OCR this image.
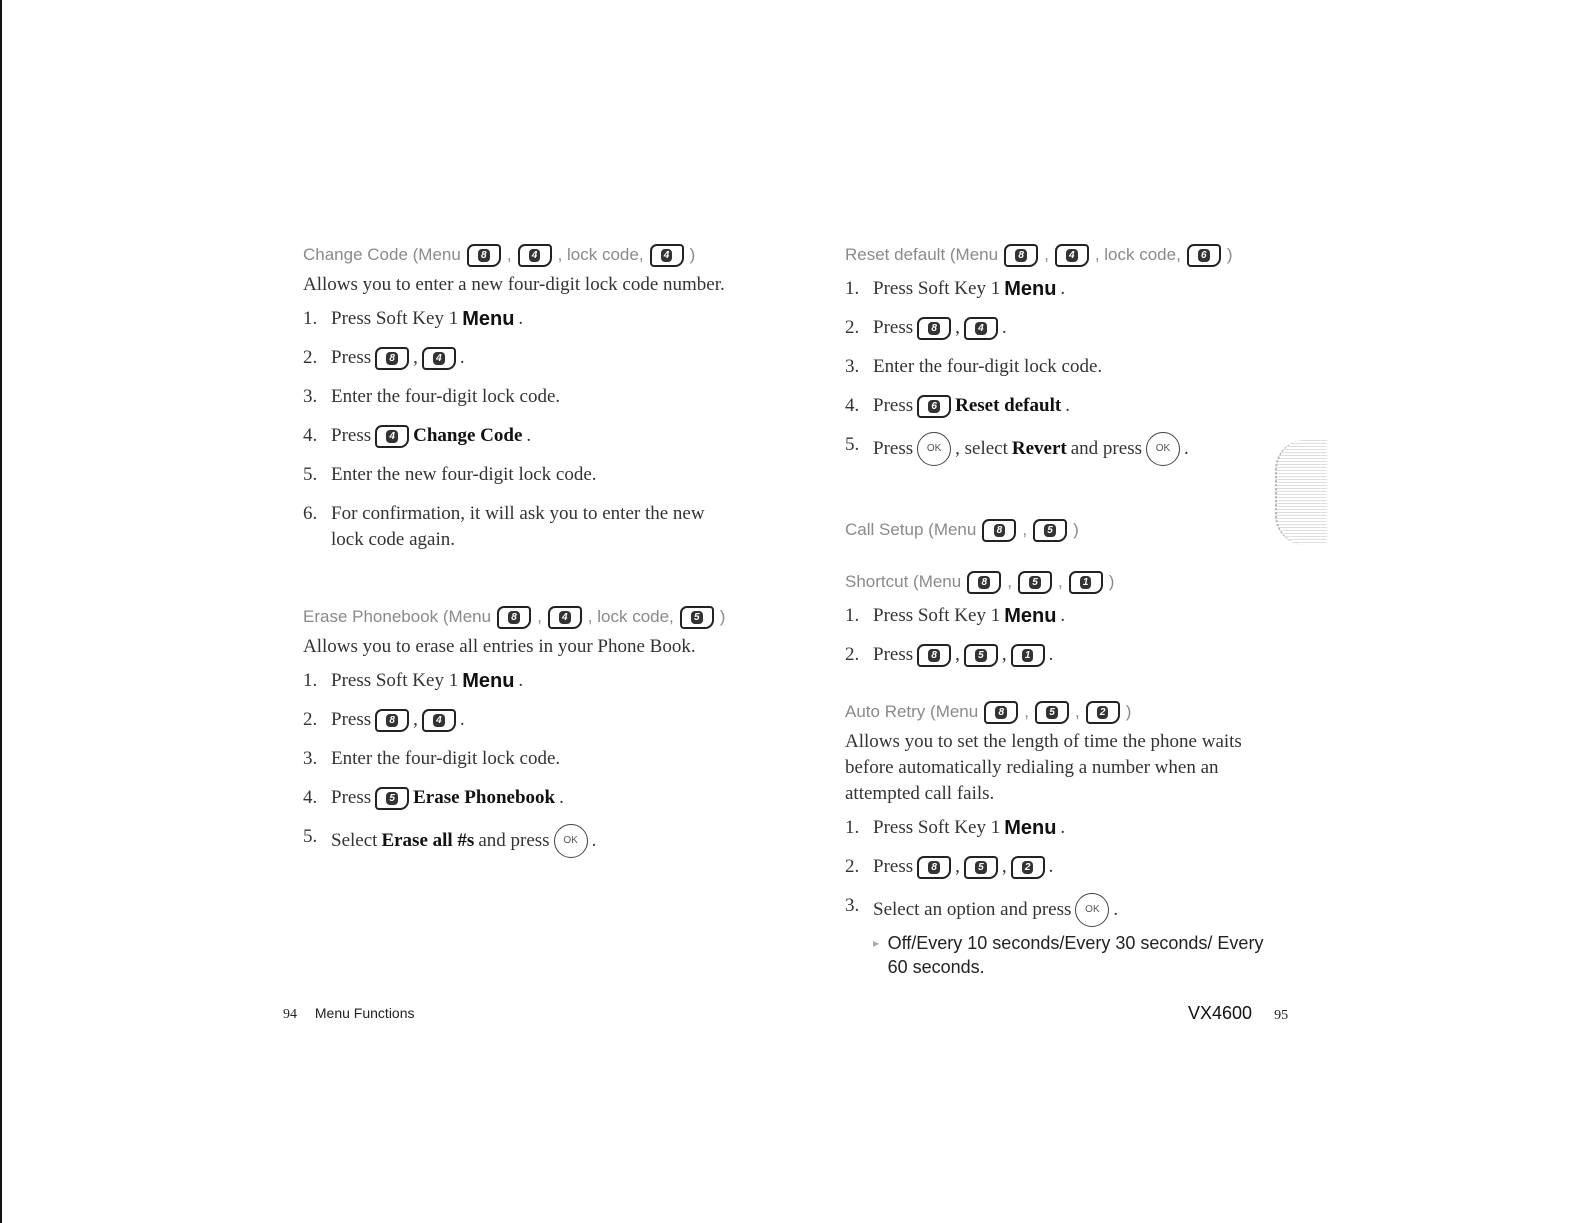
Change Code (Menu	8 ,	4 , lock code,	4 )
Allows you to enter a new four-digit lock code number.
1. Press Soft Key 1 Menu .
2. Press	8 ,	4 .
3. Enter the four-digit lock code.
4. Press	4 Change Code .
5. Enter the new four-digit lock code.
6. For confirmation, it will ask you to enter the new lock code again.
Erase Phonebook (Menu	8 ,	4 , lock code,	5 )
Allows you to erase all entries in your Phone Book.
1. Press Soft Key 1 Menu .
2. Press	8 ,	4 .
3. Enter the four-digit lock code.
4. Press	5 Erase Phonebook .
5. Select Erase all #s and press	OK .
Reset default (Menu	8 ,	4 , lock code,	6 )
1. Press Soft Key 1 Menu .
2. Press	8 ,	4 .
3. Enter the four-digit lock code.
4. Press	6 Reset default .
5. Press	OK , select Revert and press	OK .
Call Setup (Menu	8 ,	5 )
Shortcut (Menu	8 ,	5 ,	1 )
1. Press Soft Key 1 Menu .
2. Press	8 ,	5 ,	1 .
Auto Retry (Menu	8 ,	5 ,	2 )
Allows you to set the length of time the phone waits before automatically redialing a number when an attempted call fails.
1. Press Soft Key 1 Menu .
2. Press	8 ,	5 ,	2 .
3. Select an option and press	OK .
▸ Off/Every 10 seconds/Every 30 seconds/ Every 60 seconds.
94 Menu Functions	VX4600 95
